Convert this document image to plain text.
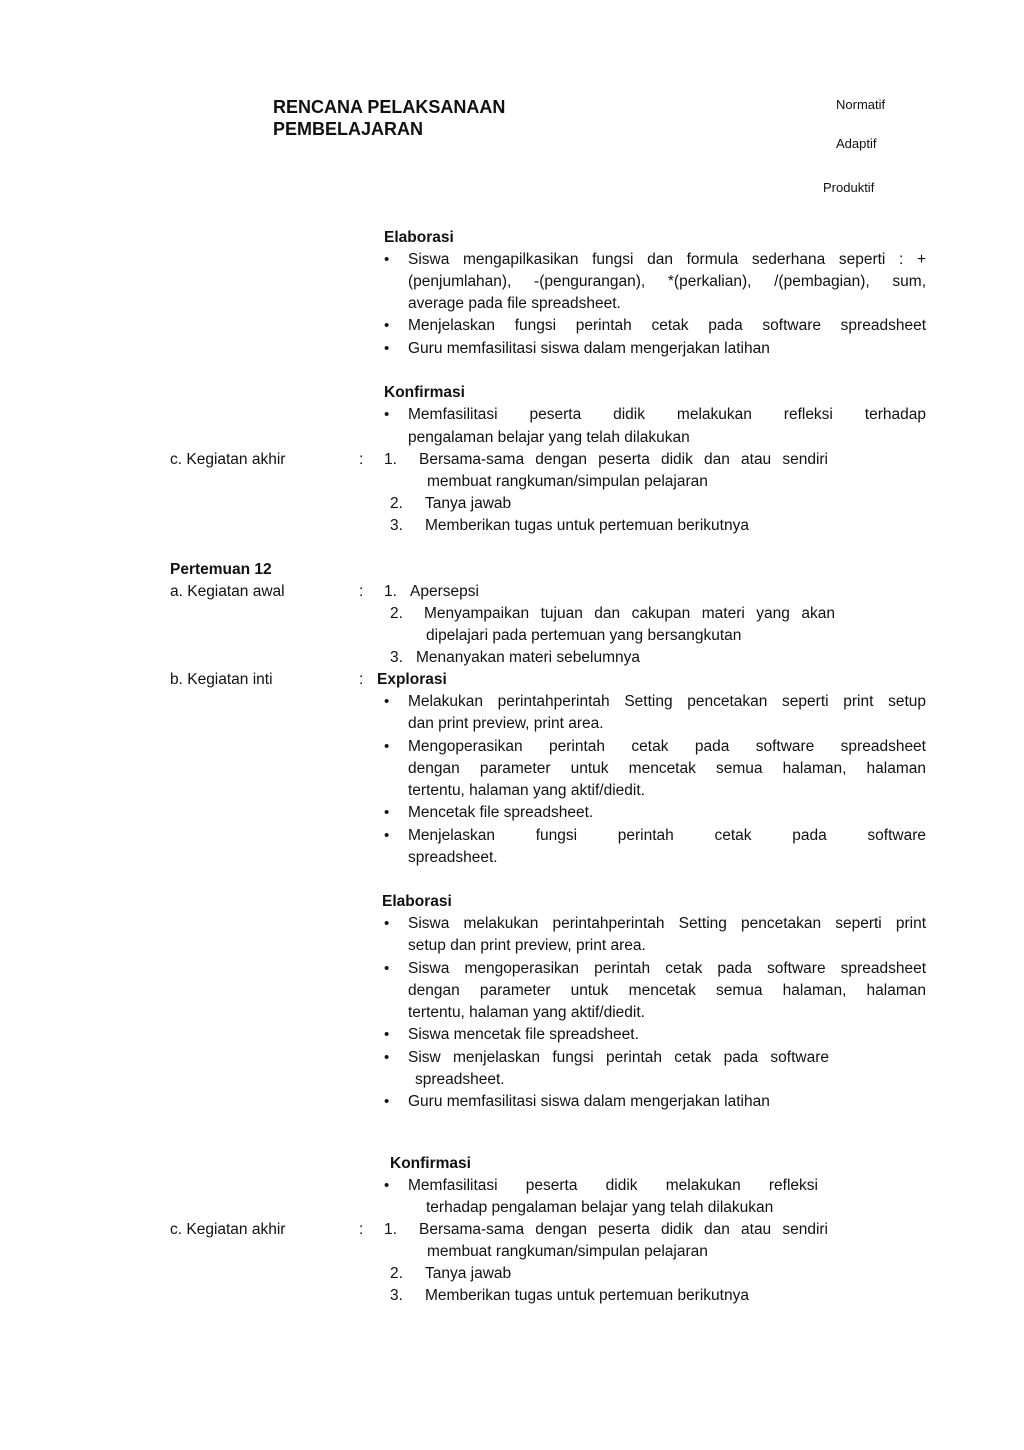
RENCANA PELAKSANAAN
PEMBELAJARAN
Normatif
Adaptif
Produktif
Elaborasi
• Siswa mengapilkasikan fungsi dan formula sederhana seperti : +
(penjumlahan), -(pengurangan), *(perkalian), /(pembagian), sum,
average pada file spreadsheet.
• Menjelaskan fungsi perintah cetak pada software spreadsheet
• Guru memfasilitasi siswa dalam mengerjakan latihan
Konfirmasi
• Memfasilitasi peserta didik melakukan refleksi terhadap
pengalaman belajar yang telah dilakukan
c. Kegiatan akhir	: 1. Bersama-sama dengan peserta didik dan atau sendiri
membuat rangkuman/simpulan pelajaran
2. Tanya jawab
3. Memberikan tugas untuk pertemuan berikutnya
Pertemuan 12
a. Kegiatan awal	: 1. Apersepsi
2. Menyampaikan tujuan dan cakupan materi yang akan
dipelajari pada pertemuan yang bersangkutan
3. Menanyakan materi sebelumnya
b. Kegiatan inti	: Explorasi
• Melakukan perintahperintah Setting pencetakan seperti print setup
dan print preview, print area.
• Mengoperasikan perintah cetak pada software spreadsheet
dengan parameter untuk mencetak semua halaman, halaman
tertentu, halaman yang aktif/diedit.
• Mencetak file spreadsheet.
• Menjelaskan fungsi perintah cetak pada software
spreadsheet.
Elaborasi
• Siswa melakukan perintahperintah Setting pencetakan seperti print
setup dan print preview, print area.
• Siswa mengoperasikan perintah cetak pada software spreadsheet
dengan parameter untuk mencetak semua halaman, halaman
tertentu, halaman yang aktif/diedit.
• Siswa mencetak file spreadsheet.
• Sisw menjelaskan fungsi perintah cetak pada software
spreadsheet.
• Guru memfasilitasi siswa dalam mengerjakan latihan
Konfirmasi
• Memfasilitasi peserta didik melakukan refleksi
terhadap pengalaman belajar yang telah dilakukan
c. Kegiatan akhir	: 1. Bersama-sama dengan peserta didik dan atau sendiri
membuat rangkuman/simpulan pelajaran
2. Tanya jawab
3. Memberikan tugas untuk pertemuan berikutnya
